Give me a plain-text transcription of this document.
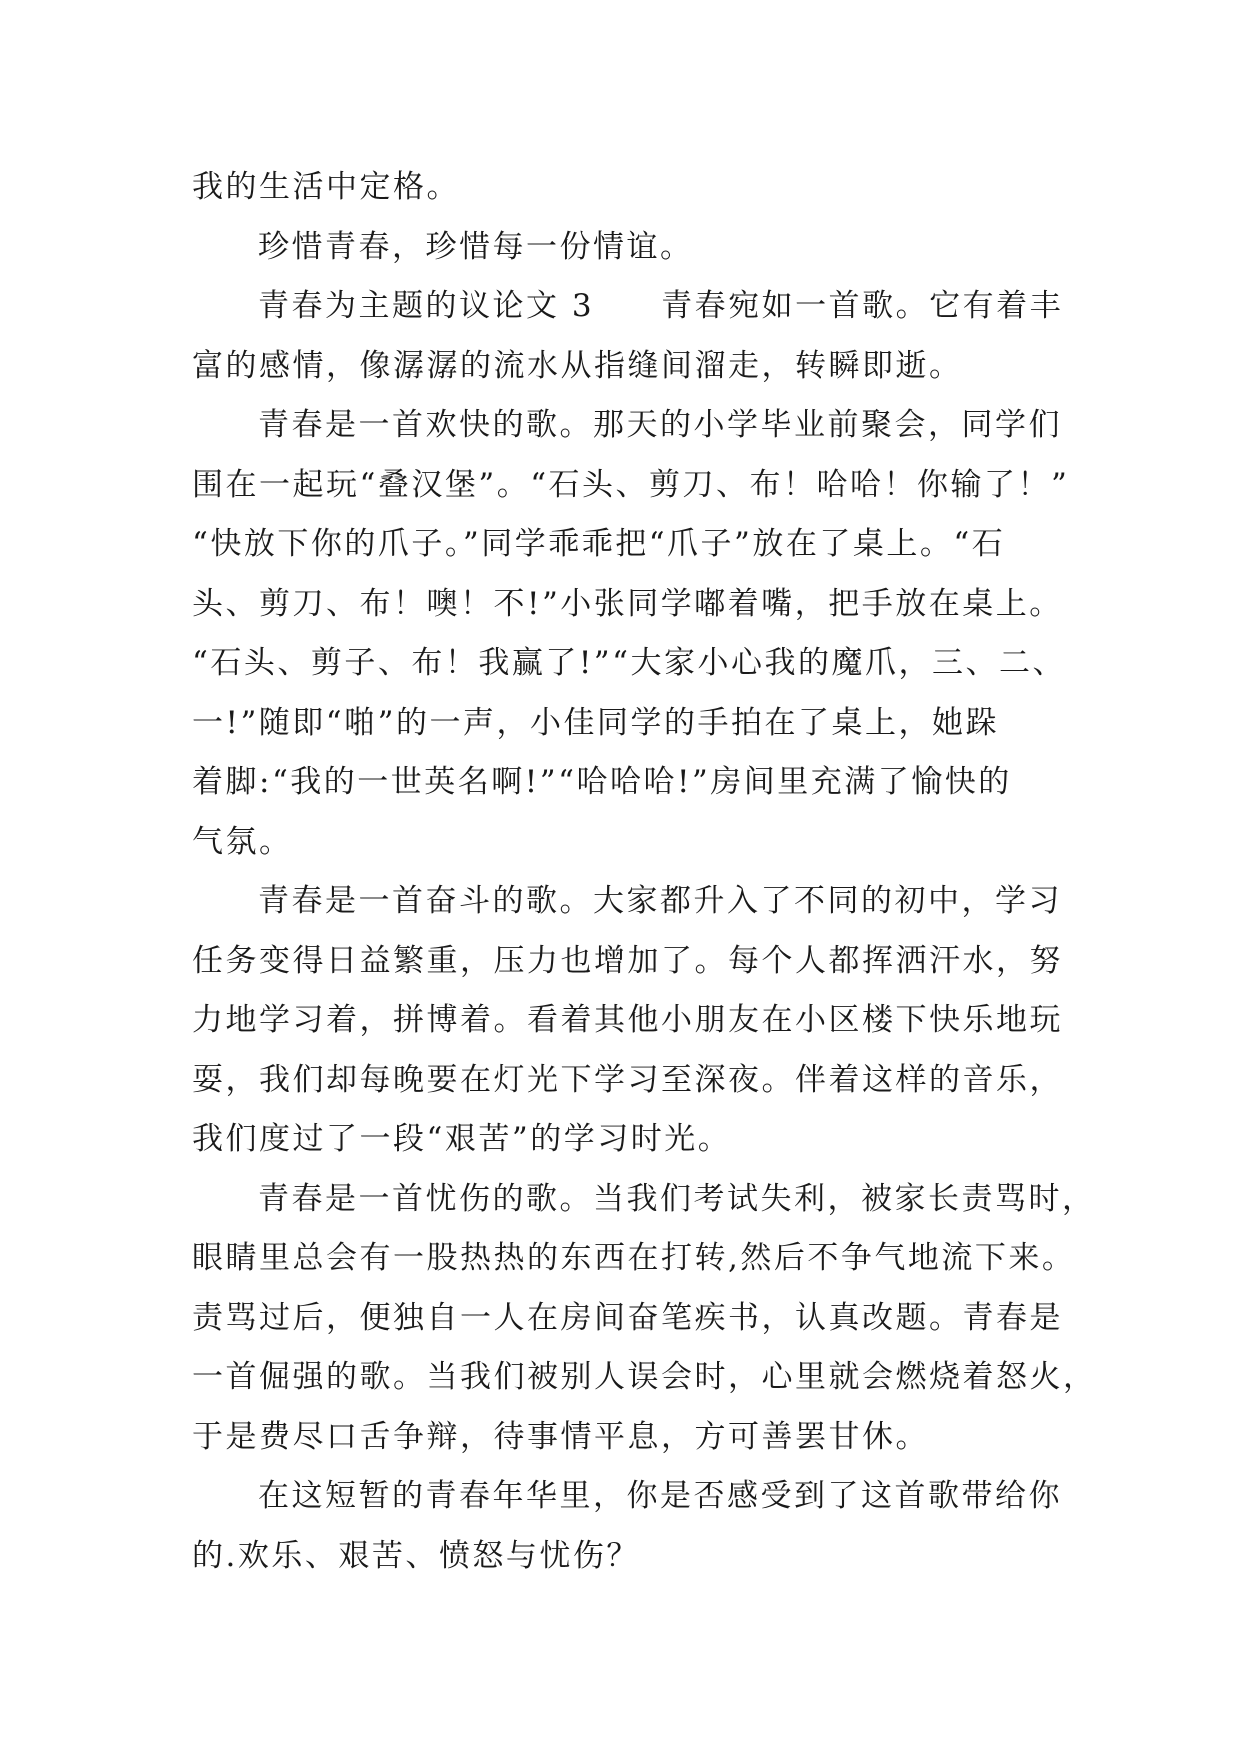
我的生活中定格。
珍惜青春，珍惜每一份情谊。
青春为主题的议论文 3　　青春宛如一首歌。它有着丰
富的感情，像潺潺的流水从指缝间溜走，转瞬即逝。
青春是一首欢快的歌。那天的小学毕业前聚会，同学们
围在一起玩“叠汉堡”。“石头、剪刀、布！哈哈！你输了！”
“快放下你的爪子。”同学乖乖把“爪子”放在了桌上。“石
头、剪刀、布！噢！不!”小张同学嘟着嘴，把手放在桌上。
“石头、剪子、布！我赢了!”“大家小心我的魔爪，三、二、
一!”随即“啪”的一声，小佳同学的手拍在了桌上，她跺
着脚:“我的一世英名啊!”“哈哈哈!”房间里充满了愉快的
气氛。
青春是一首奋斗的歌。大家都升入了不同的初中，学习
任务变得日益繁重，压力也增加了。每个人都挥洒汗水，努
力地学习着，拼博着。看着其他小朋友在小区楼下快乐地玩
耍，我们却每晚要在灯光下学习至深夜。伴着这样的音乐，
我们度过了一段“艰苦”的学习时光。
青春是一首忧伤的歌。当我们考试失利，被家长责骂时，
眼睛里总会有一股热热的东西在打转,然后不争气地流下来。
责骂过后，便独自一人在房间奋笔疾书，认真改题。青春是
一首倔强的歌。当我们被别人误会时，心里就会燃烧着怒火，
于是费尽口舌争辩，待事情平息，方可善罢甘休。
在这短暂的青春年华里，你是否感受到了这首歌带给你
的.欢乐、艰苦、愤怒与忧伤？
